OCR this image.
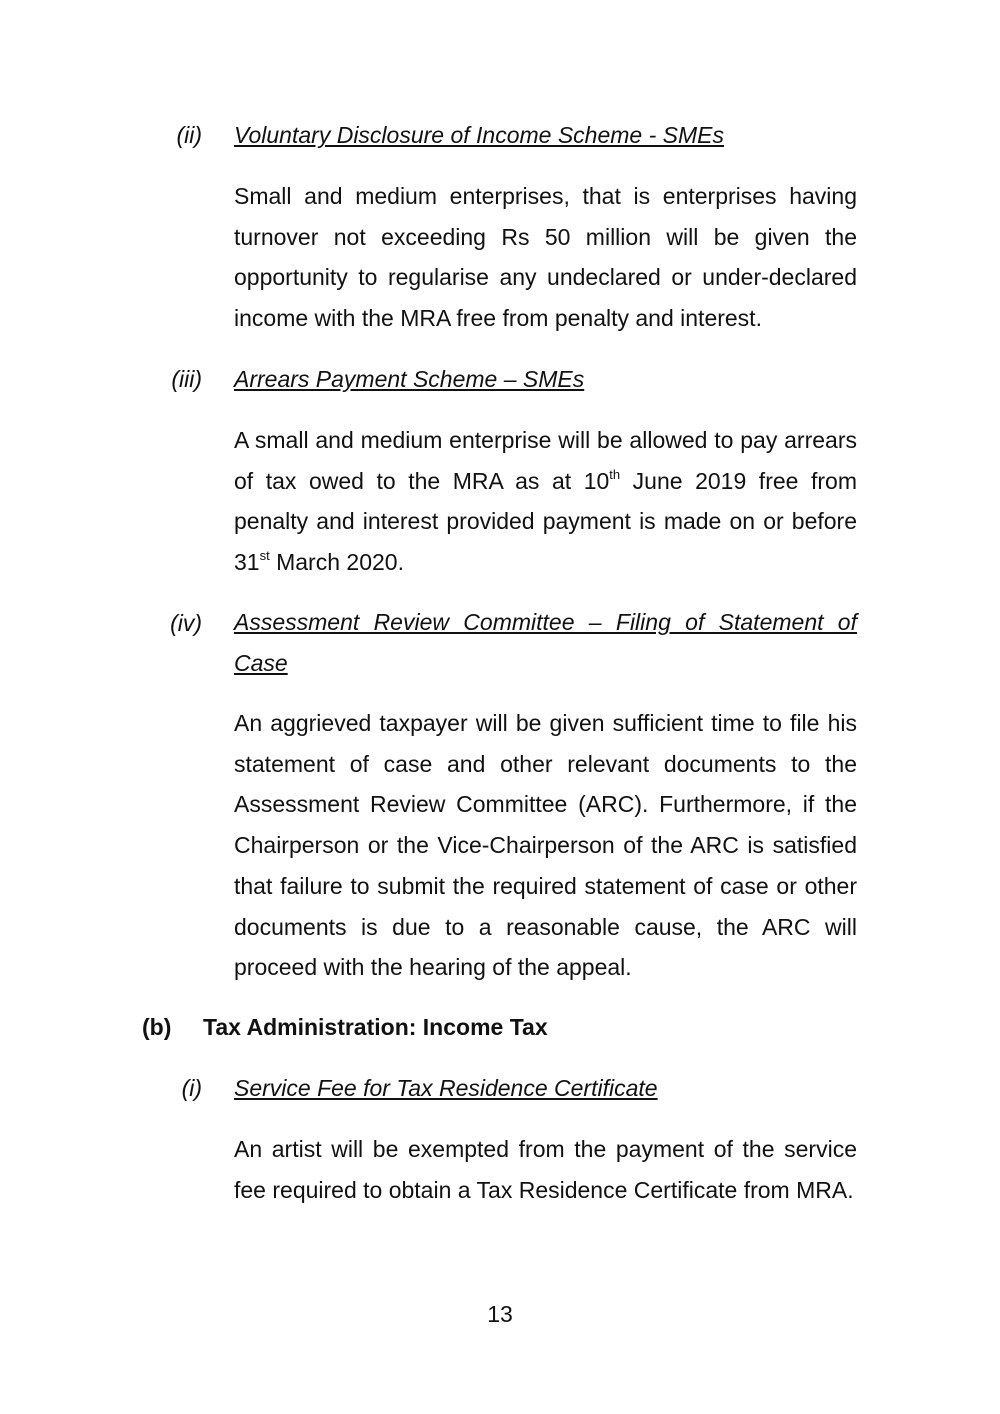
(ii) Voluntary Disclosure of Income Scheme - SMEs

Small and medium enterprises, that is enterprises having turnover not exceeding Rs 50 million will be given the opportunity to regularise any undeclared or under-declared income with the MRA free from penalty and interest.

(iii) Arrears Payment Scheme – SMEs

A small and medium enterprise will be allowed to pay arrears of tax owed to the MRA as at 10th June 2019 free from penalty and interest provided payment is made on or before 31st March 2020.

(iv) Assessment Review Committee – Filing of Statement of Case

An aggrieved taxpayer will be given sufficient time to file his statement of case and other relevant documents to the Assessment Review Committee (ARC). Furthermore, if the Chairperson or the Vice-Chairperson of the ARC is satisfied that failure to submit the required statement of case or other documents is due to a reasonable cause, the ARC will proceed with the hearing of the appeal.

(b) Tax Administration: Income Tax
(i) Service Fee for Tax Residence Certificate

An artist will be exempted from the payment of the service fee required to obtain a Tax Residence Certificate from MRA.

13
